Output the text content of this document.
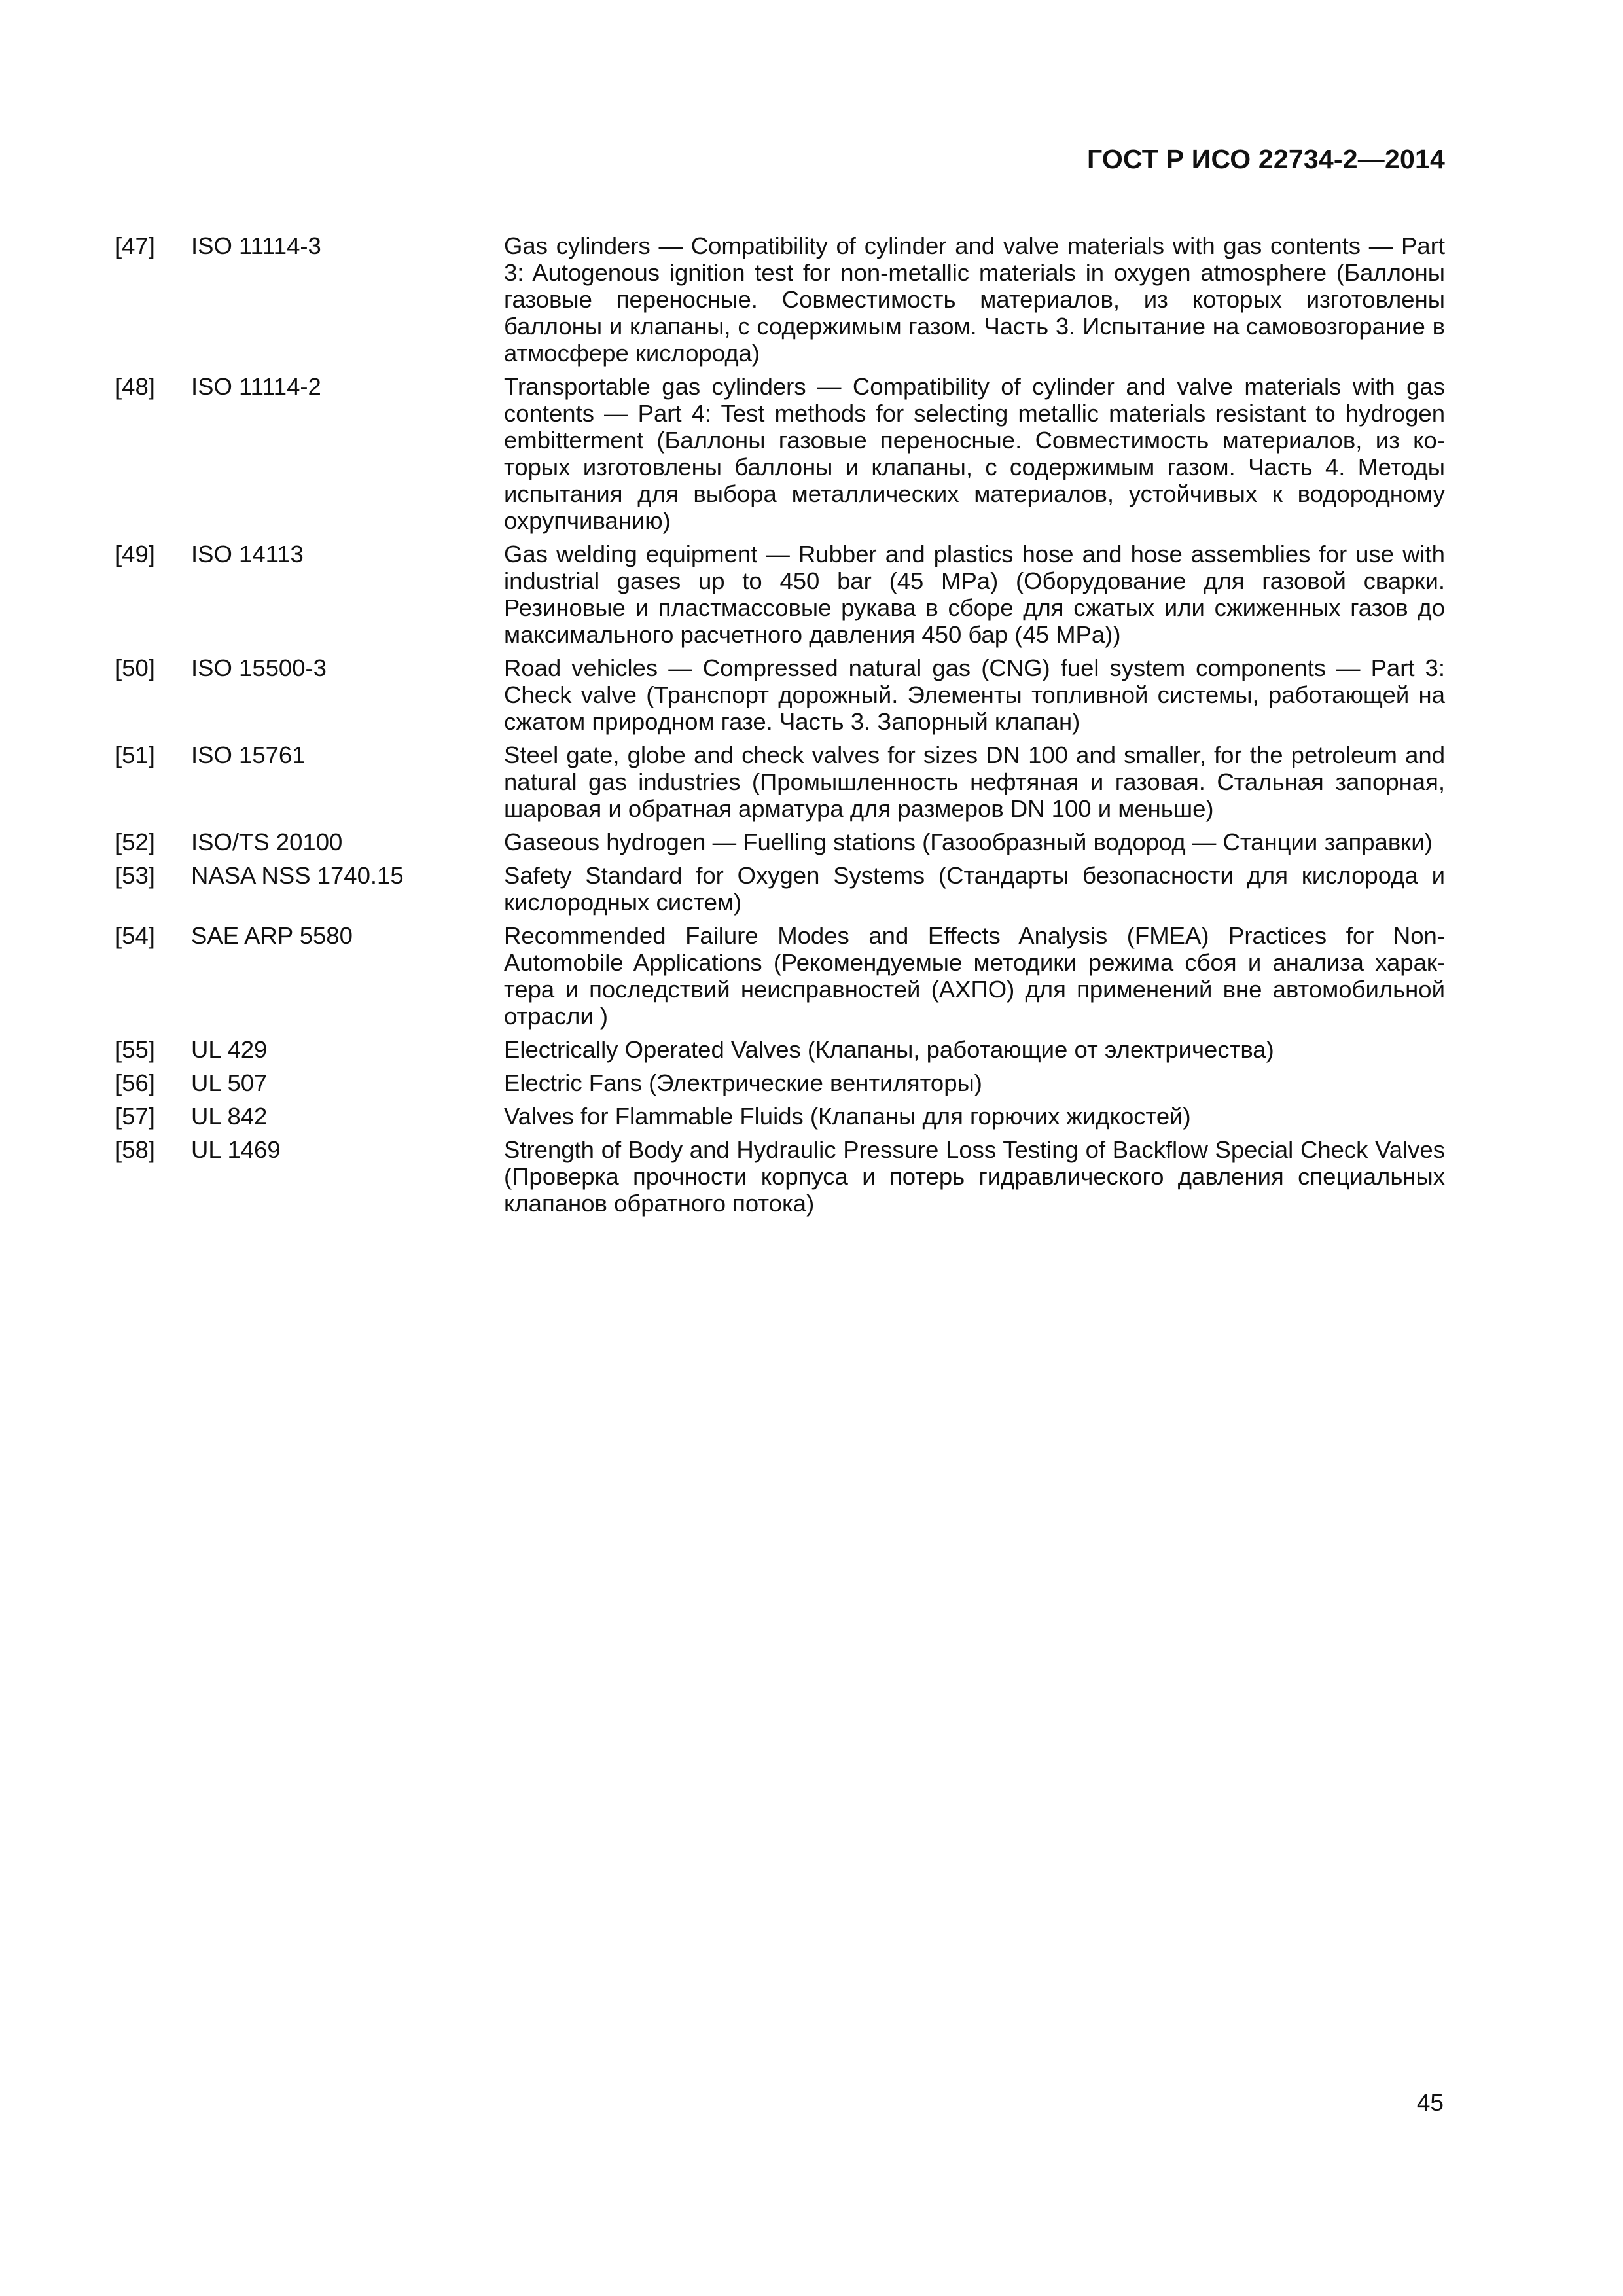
ГОСТ Р ИСО 22734-2—2014
[47]	ISO 11114-3	Gas cylinders — Compatibility of cylinder and valve materials with gas contents — Part 3: Autogenous ignition test for non-metallic materials in oxygen atmosphere (Баллоны газовые переносные. Совместимость материалов, из которых изготовлены баллоны и клапаны, с содержимым газом. Часть 3. Испытание на самовозгорание в атмосфере кислорода)
[48]	ISO 11114-2	Transportable gas cylinders — Compatibility of cylinder and valve materials with gas contents — Part 4: Test methods for selecting metallic materials resistant to hydrogen embitterment (Баллоны газовые переносные. Совместимость материалов, из которых изготовлены баллоны и клапаны, с содержимым газом. Часть 4. Методы испытания для выбора металлических материалов, устойчивых к водородному охрупчиванию)
[49]	ISO 14113	Gas welding equipment — Rubber and plastics hose and hose assemblies for use with industrial gases up to 450 bar (45 MPa) (Оборудование для газовой сварки. Резиновые и пластмассовые рукава в сборе для сжатых или сжиженных газов до максимального расчетного давления 450 бар (45 MPa))
[50]	ISO 15500-3	Road vehicles — Compressed natural gas (CNG) fuel system components — Part 3: Check valve (Транспорт дорожный. Элементы топливной системы, работающей на сжатом природном газе. Часть 3. Запорный клапан)
[51]	ISO 15761	Steel gate, globe and check valves for sizes DN 100 and smaller, for the petroleum and natural gas industries (Промышленность нефтяная и газовая. Стальная запорная, шаровая и обратная арматура для размеров DN 100 и меньше)
[52]	ISO/TS 20100	Gaseous hydrogen — Fuelling stations (Газообразный водород — Станции заправки)
[53]	NASA NSS 1740.15	Safety Standard for Oxygen Systems (Стандарты безопасности для кислорода и кислородных систем)
[54]	SAE ARP 5580	Recommended Failure Modes and Effects Analysis (FMEA) Practices for Non-Automobile Applications (Рекомендуемые методики режима сбоя и анализа характера и последствий неисправностей (АХПО) для применений вне автомобильной отрасли )
[55]	UL 429	Electrically Operated Valves (Клапаны, работающие от электричества)
[56]	UL 507	Electric Fans (Электрические вентиляторы)
[57]	UL 842	Valves for Flammable Fluids (Клапаны для горючих жидкостей)
[58]	UL 1469	Strength of Body and Hydraulic Pressure Loss Testing of Backflow Special Check Valves (Проверка прочности корпуса и потерь гидравлического давления специальных клапанов обратного потока)
45
